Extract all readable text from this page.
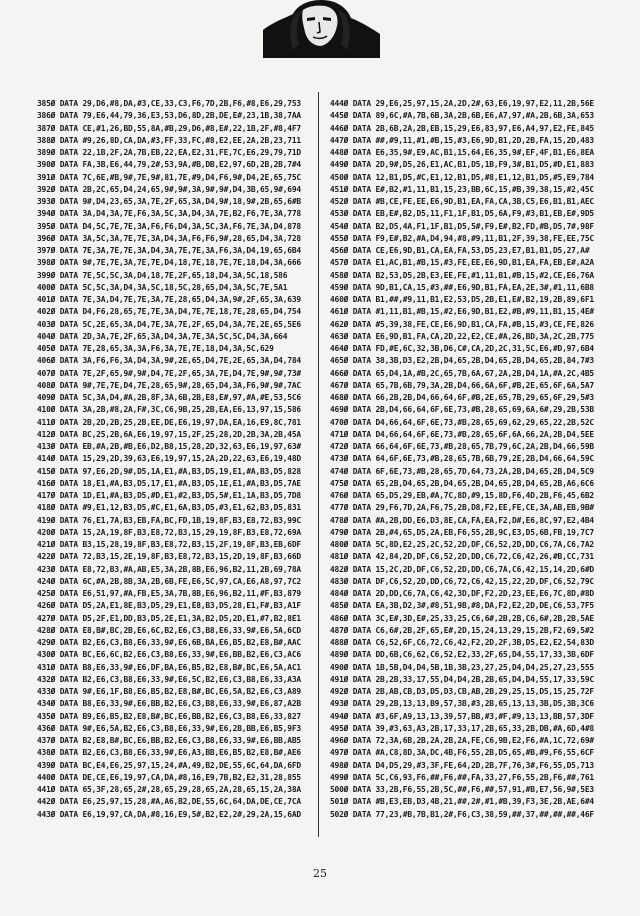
385Ø DATA 29,D6,#8,DA,#3,CE,33,C3,F6,7D,2B,F6,#8,E6,29,753
386Ø DATA 79,E6,44,79,36,E3,53,D6,8D,2B,DE,E#,23,1B,38,7AA
387Ø DATA CE,#1,26,BD,55,8A,#B,29,D6,#8,E#,22,1B,2F,#8,4F7
388Ø DATA #9,26,8D,CA,DA,#3,FF,33,FC,#8,E2,EE,2A,2B,23,711
389Ø DATA 22,1B,2F,2A,7B,EB,22,EA,E2,31,FE,7C,E6,29,79,71D
390Ø DATA FA,3B,E6,44,79,2#,53,9A,#B,DB,E2,97,6D,2B,2B,7#4
391Ø DATA 7C,6E,#B,9#,7E,9#,81,7E,#9,D4,F6,9#,D4,2E,65,75C
392Ø DATA 2B,2C,65,D4,24,65,9#,9#,3A,9#,9#,D4,3B,65,9#,694
393Ø DATA 9#,D4,23,65,3A,7E,2F,65,3A,D4,9#,18,9#,2B,65,6#B
394Ø DATA 3A,D4,3A,7E,F6,3A,5C,3A,D4,3A,7E,B2,F6,7E,3A,778
395Ø DATA D4,5C,7E,7E,3A,F6,F6,D4,3A,5C,3A,F6,7E,3A,D4,878
396Ø DATA 3A,5C,3A,7E,7E,3A,D4,3A,F6,F6,9#,28,65,D4,3A,728
397Ø DATA 7E,3A,7E,7E,3A,D4,3A,7E,7E,3A,F6,3A,D4,19,65,6B4
398Ø DATA 9#,7E,7E,3A,7E,7E,D4,18,7E,18,7E,7E,18,D4,3A,666
399Ø DATA 7E,5C,5C,3A,D4,18,7E,2F,65,18,D4,3A,5C,18,586
400Ø DATA 5C,5C,3A,D4,3A,5C,18,5C,28,65,D4,3A,5C,7E,5A1
401Ø DATA 7E,3A,D4,7E,7E,3A,7E,28,65,D4,3A,9#,2F,65,3A,639
402Ø DATA D4,F6,28,65,7E,7E,3A,D4,7E,7E,18,7E,28,65,D4,754
403Ø DATA 5C,2E,65,3A,D4,7E,3A,7E,2F,65,D4,3A,7E,2E,65,5E6
404Ø DATA 2D,3A,7E,2F,65,3A,D4,3A,7E,3A,5C,5C,D4,3A,664
405Ø DATA 7E,28,65,3A,3A,F6,3A,7E,7E,18,D4,3A,5C,629
406Ø DATA 3A,F6,F6,3A,D4,3A,9#,2E,65,D4,7E,2E,65,3A,D4,784
407Ø DATA 7E,2F,65,9#,9#,D4,7E,2F,65,3A,7E,D4,7E,9#,9#,73#
408Ø DATA 9#,7E,7E,D4,7E,28,65,9#,28,65,D4,3A,F6,9#,9#,7AC
409Ø DATA 5C,3A,D4,#A,2B,8F,3A,6B,2B,E8,E#,97,#A,#E,53,5C6
410Ø DATA 3A,2B,#8,2A,F#,3C,C6,9B,25,2B,EA,E6,13,97,15,586
411Ø DATA 2B,2D,2B,25,2B,EE,DE,E6,19,97,DA,EA,16,E9,8C,781
412Ø DATA BC,25,2B,6A,E6,19,97,15,2F,25,28,2D,2B,3A,2B,45A
413Ø DATA EB,#A,2B,#B,E6,D2,B8,15,28,2D,32,63,E6,19,97,63#
414Ø DATA 15,29,2D,39,63,E6,19,97,15,2A,2D,22,63,E6,19,48D
415Ø DATA 97,E6,2D,9#,D5,1A,E1,#A,B3,D5,19,E1,#A,B3,D5,828
416Ø DATA 18,E1,#A,B3,D5,17,E1,#A,B3,D5,1E,E1,#A,B3,D5,7AE
417Ø DATA 1D,E1,#A,B3,D5,#D,E1,#2,B3,D5,5#,E1,1A,B3,D5,7D8
418Ø DATA #9,E1,12,B3,D5,#C,E1,6A,B3,D5,#3,E1,62,B3,D5,831
419Ø DATA 76,E1,7A,B3,EB,FA,BC,FD,1B,19,8F,B3,E8,72,B3,99C
420Ø DATA 15,2A,19,8F,B3,E8,72,B3,15,29,19,8F,B3,E8,72,69A
421Ø DATA B3,15,28,19,8F,B3,E8,72,B3,15,2F,19,8F,B3,EB,6DF
422Ø DATA 72,B3,15,2E,19,8F,B3,E8,72,B3,15,2D,19,8F,B3,66D
423Ø DATA E8,72,B3,#A,AB,E5,3A,2B,8B,E6,96,B2,11,2B,69,78A
424Ø DATA 6C,#A,2B,8B,3A,2B,6B,FE,E6,5C,97,CA,E6,A8,97,7C2
425Ø DATA E6,51,97,#A,FB,E5,3A,7B,8B,E6,96,B2,11,#F,B3,879
426Ø DATA D5,2A,E1,8E,B3,D5,29,E1,E8,B3,D5,28,E1,F#,B3,A1F
427Ø DATA D5,2F,E1,DD,B3,D5,2E,E1,3A,B2,D5,2D,E1,#7,B2,8E1
428Ø DATA E8,B#,BC,2B,E6,6C,B2,E6,C3,B8,E6,33,9#,E6,5A,6CD
429Ø DATA B2,E6,C3,B8,E6,33,9#,E6,6B,BA,E6,B5,B2,E8,B#,AAC
430Ø DATA BC,E6,6C,B2,E6,C3,B8,E6,33,9#,E6,BB,B2,E6,C3,AC6
431Ø DATA B8,E6,33,9#,E6,DF,BA,E6,B5,B2,E8,B#,BC,E6,5A,AC1
432Ø DATA B2,E6,C3,B8,E6,33,9#,E6,5C,B2,E6,C3,B8,E6,33,A3A
433Ø DATA 9#,E6,1F,B8,E6,B5,B2,E8,B#,BC,E6,5A,B2,E6,C3,A89
434Ø DATA B8,E6,33,9#,E6,BB,B2,E6,C3,B8,E6,33,9#,E6,87,A2B
435Ø DATA B9,E6,B5,B2,E8,B#,BC,E6,BB,B2,E6,C3,B8,E6,33,827
436Ø DATA 9#,E6,5A,B2,E6,C3,B8,E6,33,9#,E6,2B,BB,E6,B5,9F3
437Ø DATA B2,E8,B#,BC,E6,BB,B2,E6,C3,B8,E6,33,9#,E6,BB,AB5
438Ø DATA B2,E6,C3,B8,E6,33,9#,E6,A3,BB,E6,B5,B2,E8,B#,AE6
439Ø DATA BC,E4,E6,25,97,15,24,#A,49,B2,DE,55,6C,64,DA,6FD
440Ø DATA DE,CE,E6,19,97,CA,DA,#8,16,E9,7B,B2,E2,31,28,855
441Ø DATA 65,3F,28,65,2#,28,65,29,28,65,2A,28,65,15,2A,38A
442Ø DATA E6,25,97,15,28,#A,A6,B2,DE,55,6C,64,DA,DE,CE,7CA
443Ø DATA E6,19,97,CA,DA,#8,16,E9,5#,B2,E2,2#,29,2A,15,6AD
444Ø DATA 29,E6,25,97,15,2A,2D,2#,63,E6,19,97,E2,11,2B,56E
445Ø DATA 89,6C,#A,7B,6B,3A,2B,6B,E6,A7,97,#A,2B,6B,3A,653
446Ø DATA 2B,6B,2A,2B,EB,15,29,E6,83,97,E6,A4,97,E2,FE,845
447Ø DATA ##,#9,11,#1,#B,15,#3,E6,9D,B1,2D,2B,FA,15,2D,483
448Ø DATA E6,35,9#,E9,AC,B1,15,64,E6,35,9#,EF,4F,B1,E6,8EA
449Ø DATA 2D,9#,D5,26,E1,AC,B1,D5,1B,F9,3#,B1,D5,#D,E1,883
450Ø DATA 12,B1,D5,#C,E1,12,B1,D5,#8,E1,12,B1,D5,#5,E9,784
451Ø DATA E#,B2,#1,11,B1,15,23,BB,6C,15,#B,39,38,15,#2,45C
452Ø DATA #B,CE,FE,EE,E6,9D,B1,EA,FA,CA,3B,C5,E6,B1,B1,AEC
453Ø DATA EB,E#,B2,D5,11,F1,1F,B1,D5,6A,F9,#3,B1,EB,E#,9D5
454Ø DATA B2,D5,4A,F1,1F,B1,D5,5#,F9,E#,B2,FD,#B,D5,7#,98F
455Ø DATA F9,E#,B2,#A,D4,94,#8,#9,11,B1,2F,39,38,FE,EE,75C
456Ø DATA CE,E6,9D,B1,CA,EA,FA,53,D5,23,E7,B1,B1,D5,27,A#
457Ø DATA E1,AC,B1,#B,15,#3,FE,EE,E6,9D,B1,EA,FA,EB,E#,A2A
458Ø DATA B2,53,D5,2B,E3,EE,FE,#1,11,B1,#B,15,#2,CE,E6,76A
459Ø DATA 9D,B1,CA,15,#3,##,E6,9D,B1,FA,EA,2E,3#,#1,11,6B8
460Ø DATA B1,##,#9,11,B1,E2,53,D5,2B,E1,E#,B2,19,2B,89,6F1
461Ø DATA #1,11,B1,#B,15,#2,E6,9D,B1,E2,#B,#9,11,B1,15,4E#
462Ø DATA #5,39,38,FE,CE,E6,9D,B1,CA,FA,#B,15,#3,CE,FE,826
463Ø DATA E6,9D,B1,FA,CA,2D,22,E2,CE,#A,26,BD,3A,2C,2B,775
464Ø DATA FD,#E,6C,32,3B,D6,C#,CA,2D,2C,31,5C,E6,#D,97,6B4
465Ø DATA 38,3B,D3,E2,2B,D4,65,2B,D4,65,2B,D4,65,2B,84,7#3
466Ø DATA 65,D4,1A,#B,2C,65,7B,6A,67,2A,2B,D4,1A,#A,2C,4B5
467Ø DATA 65,7B,6B,79,3A,2B,D4,66,6A,6F,#B,2E,65,6F,6A,5A7
468Ø DATA 66,2B,2B,D4,66,64,6F,#B,2E,65,7B,29,65,6F,29,5#3
469Ø DATA 2B,D4,66,64,6F,6E,73,#B,28,65,69,6A,6#,29,2B,53B
470Ø DATA D4,66,64,6F,6E,73,#B,28,65,69,62,29,65,22,2B,52C
471Ø DATA D4,66,64,6F,6E,73,#B,28,65,6F,6A,66,2A,2B,D4,5EE
472Ø DATA 66,64,6F,6E,73,#B,28,65,7B,79,6C,2A,2B,D4,66,59B
473Ø DATA 64,6F,6E,73,#B,28,65,7B,6B,79,2E,2B,D4,66,64,59C
474Ø DATA 6F,6E,73,#B,28,65,7D,64,73,2A,2B,D4,65,2B,D4,5C9
475Ø DATA 65,2B,D4,65,2B,D4,65,2B,D4,65,2B,D4,65,2B,A6,6C6
476Ø DATA 65,D5,29,EB,#A,7C,8D,#9,15,8D,F6,4D,2B,F6,45,6B2
477Ø DATA 29,F6,7D,2A,F6,75,2B,D8,F2,EE,FE,CE,3A,AB,EB,9B#
478Ø DATA #A,2B,DD,E6,D3,8E,CA,FA,EA,F2,D#,E6,8C,97,E2,4B4
479Ø DATA 2B,#4,65,D5,2A,EB,F6,55,2B,9C,E3,D5,6B,FB,19,7C7
480Ø DATA 5C,8D,E2,25,2C,52,2D,DF,C6,52,2D,DD,C6,7A,C6,7A2
481Ø DATA 42,84,2D,DF,C6,52,2D,DD,C6,72,C6,42,26,#B,CC,731
482Ø DATA 15,2C,2D,DF,C6,52,2D,DD,C6,7A,C6,42,15,14,2D,6#D
483Ø DATA DF,C6,52,2D,DD,C6,72,C6,42,15,22,2D,DF,C6,52,79C
484Ø DATA 2D,DD,C6,7A,C6,42,3D,DF,F2,2D,23,EE,E6,7C,8D,#8D
485Ø DATA EA,3B,D2,3#,#8,51,9B,#8,DA,F2,E2,2D,DE,C6,53,7F5
486Ø DATA 3C,E#,3D,E#,25,33,25,C6,6#,2B,2B,C6,6#,2B,2B,5AE
487Ø DATA C6,6#,2B,2F,65,E#,2D,15,24,13,29,15,2B,F2,69,5#2
488Ø DATA C6,52,6F,C6,72,C6,42,F2,2D,2F,3B,D5,E2,E2,54,83D
489Ø DATA DD,6B,C6,62,C6,52,E2,33,2F,65,D4,55,17,33,3B,6DF
490Ø DATA 1B,5B,D4,D4,5B,1B,3B,23,27,25,D4,D4,25,27,23,555
491Ø DATA 2B,2B,33,17,55,D4,D4,2B,2B,65,D4,D4,55,17,33,59C
492Ø DATA 2B,AB,CB,D3,D5,D3,CB,AB,2B,29,25,15,D5,15,25,72F
493Ø DATA 29,2B,13,13,B9,57,3B,#3,2B,65,13,13,3B,D5,3B,3C6
494Ø DATA #3,6F,A9,13,13,39,57,BB,#3,#F,#9,13,13,BB,57,3DF
495Ø DATA 39,#3,63,A3,2B,17,33,17,2B,65,33,2B,DB,#A,6D,4#8
496Ø DATA 72,3A,6B,2B,2A,2B,2A,FE,C6,9B,E2,F6,#A,1C,72,69#
497Ø DATA #A,C8,8D,3A,DC,4B,F6,55,2B,D5,65,#B,#9,F6,55,6CF
498Ø DATA D4,D5,29,#3,3F,FE,64,2D,2B,7F,76,3#,F6,55,D5,713
499Ø DATA 5C,C6,93,F6,##,F6,##,FA,33,27,F6,55,2B,F6,##,761
500Ø DATA 33,2B,F6,55,2B,5C,##,F6,##,57,91,#B,E7,56,9#,5E3
501Ø DATA #B,E3,EB,D3,4B,21,##,2#,#1,#B,39,F3,3E,2B,AE,6#4
502Ø DATA 77,23,#B,7B,B1,2#,F6,C3,38,59,##,37,##,##,##,46F
25
